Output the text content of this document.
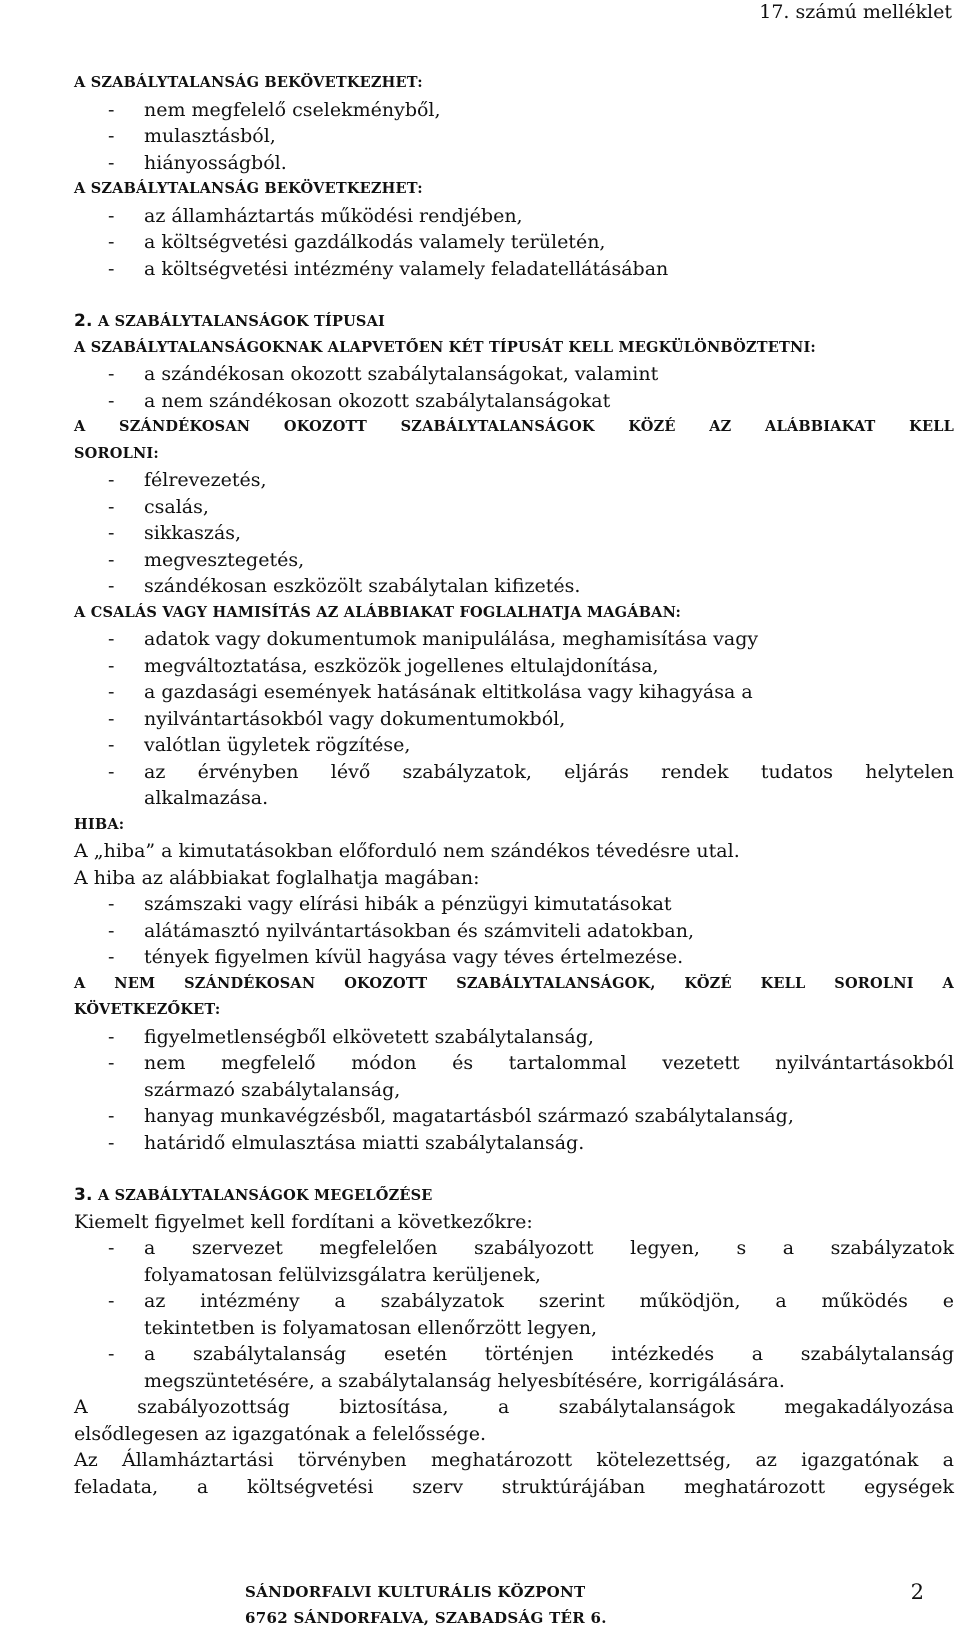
17. számú melléklet
A SZABÁLYTALANSÁG BEKÖVETKEZHET:
- nem megfelelő cselekményből,
- mulasztásból,
- hiányosságból.
A SZABÁLYTALANSÁG BEKÖVETKEZHET:
- az államháztartás működési rendjében,
- a költségvetési gazdálkodás valamely területén,
- a költségvetési intézmény valamely feladatellátásában
2. A SZABÁLYTALANSÁGOK TÍPUSAI
A SZABÁLYTALANSÁGOKNAK ALAPVETŐEN KÉT TÍPUSÁT KELL MEGKÜLÖNBÖZTETNI:
- a szándékosan okozott szabálytalanságokat, valamint
- a nem szándékosan okozott szabálytalanságokat
A SZÁNDÉKOSAN OKOZOTT SZABÁLYTALANSÁGOK KÖZÉ AZ ALÁBBIAKAT KELL
SOROLNI:
- félrevezetés,
- csalás,
- sikkaszás,
- megvesztegetés,
- szándékosan eszközölt szabálytalan kifizetés.
A CSALÁS VAGY HAMISÍTÁS AZ ALÁBBIAKAT FOGLALHATJA MAGÁBAN:
- adatok vagy dokumentumok manipulálása, meghamisítása vagy
- megváltoztatása, eszközök jogellenes eltulajdonítása,
- a gazdasági események hatásának eltitkolása vagy kihagyása a
- nyilvántartásokból vagy dokumentumokból,
- valótlan ügyletek rögzítése,
-	az érvényben lévő szabályzatok, eljárás rendek tudatos helytelen
alkalmazása.
HIBA:
A „hiba” a kimutatásokban előforduló nem szándékos tévedésre utal.
A hiba az alábbiakat foglalhatja magában:
- számszaki vagy elírási hibák a pénzügyi kimutatásokat
- alátámasztó nyilvántartásokban és számviteli adatokban,
- tények figyelmen kívül hagyása vagy téves értelmezése.
A NEM SZÁNDÉKOSAN OKOZOTT SZABÁLYTALANSÁGOK, KÖZÉ KELL SOROLNI A
KÖVETKEZŐKET:
- figyelmetlenségből elkövetett szabálytalanság,
-	nem megfelelő módon és tartalommal vezetett nyilvántartásokból
származó szabálytalanság,
- hanyag munkavégzésből, magatartásból származó szabálytalanság,
- határidő elmulasztása miatti szabálytalanság.
3. A SZABÁLYTALANSÁGOK MEGELŐZÉSE
Kiemelt figyelmet kell fordítani a következőkre:
-	a szervezet megfelelően szabályozott legyen, s a szabályzatok
folyamatosan felülvizsgálatra kerüljenek,
-	az intézmény a szabályzatok szerint működjön, a működés e
tekintetben is folyamatosan ellenőrzött legyen,
-	a szabálytalanság esetén történjen intézkedés a szabálytalanság
megszüntetésére, a szabálytalanság helyesbítésére, korrigálására.
A szabályozottság biztosítása, a szabálytalanságok megakadályozása
elsődlegesen az igazgatónak a felelőssége.
Az Államháztartási törvényben meghatározott kötelezettség, az igazgatónak a
feladata, a költségvetési szerv struktúrájában meghatározott egységek
SÁNDORFALVI KULTURÁLIS KÖZPONT	2
6762 SÁNDORFALVA, SZABADSÁG TÉR 6.
